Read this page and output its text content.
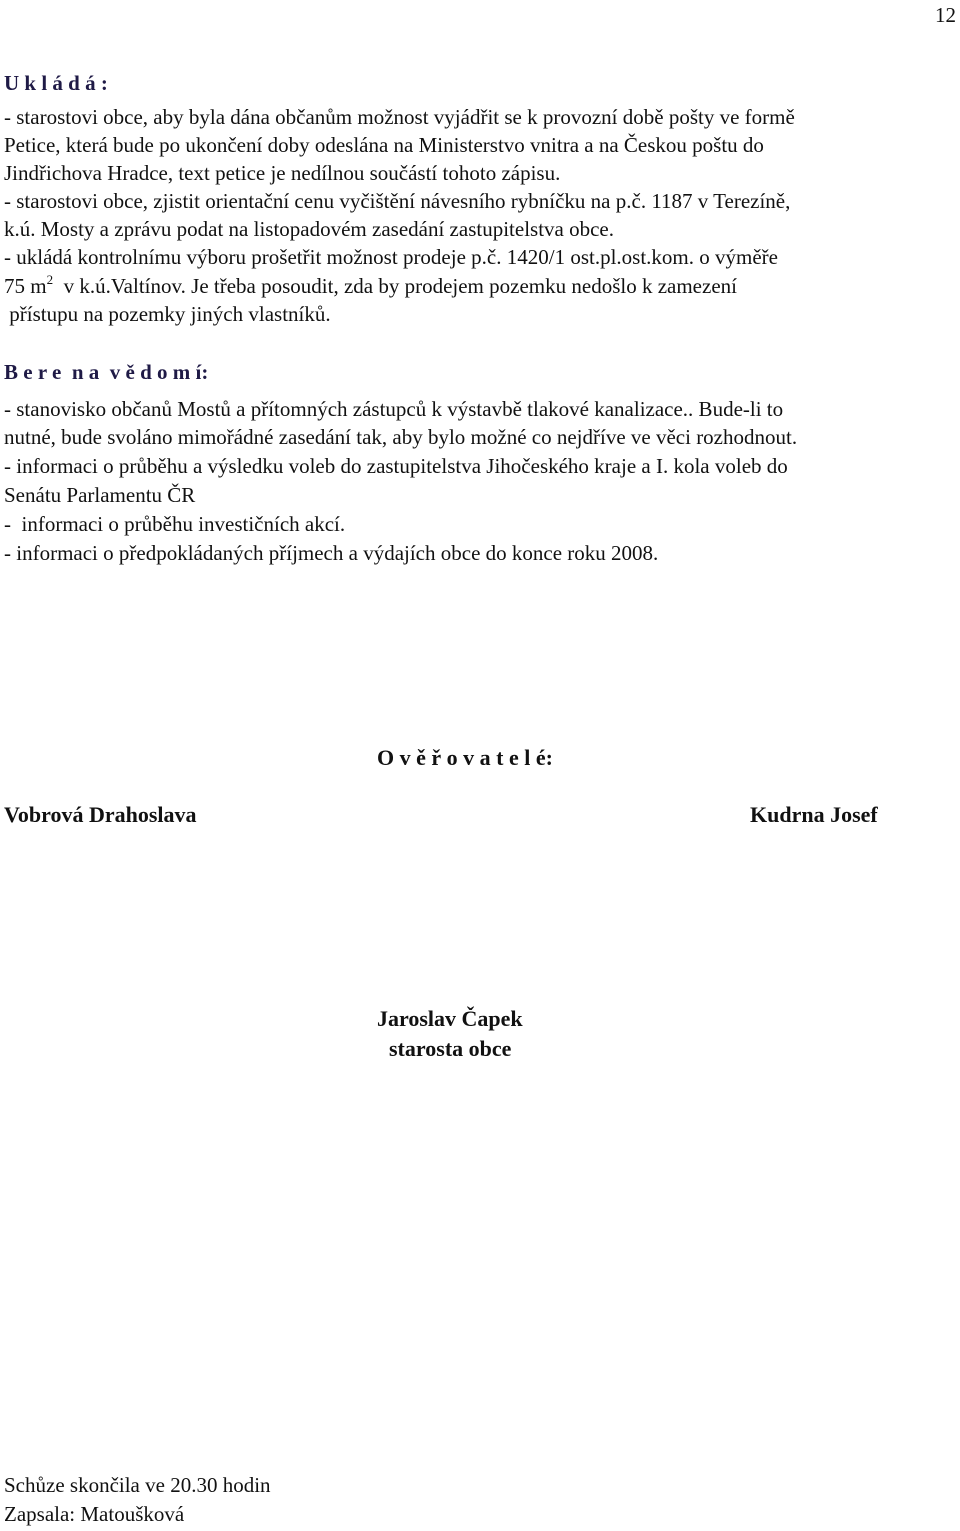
12
U k l á d á :
- starostovi obce, aby byla dána občanům možnost vyjádřit se k provozní době pošty ve formě
Petice, která bude po ukončení doby odeslána na Ministerstvo vnitra a na Českou poštu do
Jindřichova Hradce, text petice je nedílnou součástí tohoto zápisu.
- starostovi obce, zjistit orientační cenu vyčištění návesního rybníčku na p.č. 1187 v Terezíně,
k.ú. Mosty a zprávu podat na listopadovém zasedání zastupitelstva obce.
- ukládá kontrolnímu výboru prošetřit možnost prodeje p.č. 1420/1 ost.pl.ost.kom. o výměře
75 $m^2$  v k.ú.Valtínov. Je třeba posoudit, zda by prodejem pozemku nedošlo k zamezení
přístupu na pozemky jiných vlastníků.
B e r e  n a  v ě d o m í:
- stanovisko občanů Mostů a přítomných zástupců k výstavbě tlakové kanalizace.. Bude-li to
nutné, bude svoláno mimořádné zasedání tak, aby bylo možné co nejdříve ve věci rozhodnout.
- informaci o průběhu a výsledku voleb do zastupitelstva Jihočeského kraje a I. kola voleb do
Senátu Parlamentu ČR
-  informaci o průběhu investičních akcí.
- informaci o předpokládaných příjmech a výdajích obce do konce roku 2008.
O v ě ř o v a t e l é:
Vobrová Drahoslava	Kudrna Josef
Jaroslav Čapek
starosta obce
Schůze skončila ve 20.30 hodin
Zapsala: Matoušková
